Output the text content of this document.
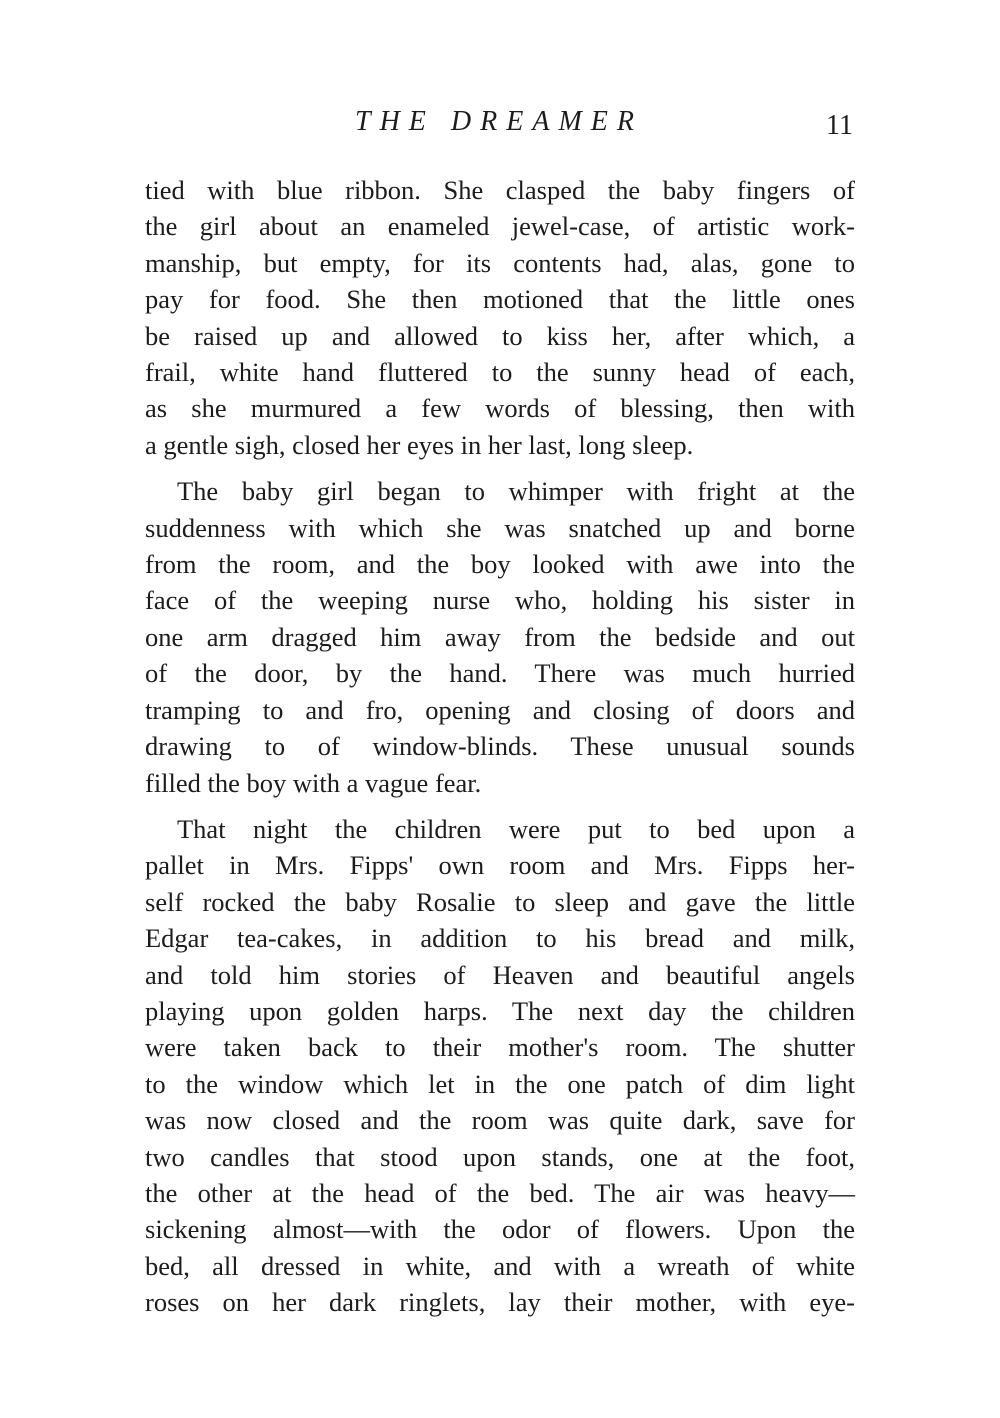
THE DREAMER	11
tied with blue ribbon. She clasped the baby fingers of
the girl about an enameled jewel-case, of artistic work-
manship, but empty, for its contents had, alas, gone to
pay for food. She then motioned that the little ones
be raised up and allowed to kiss her, after which, a
frail, white hand fluttered to the sunny head of each,
as she murmured a few words of blessing, then with
a gentle sigh, closed her eyes in her last, long sleep.
The baby girl began to whimper with fright at the
suddenness with which she was snatched up and borne
from the room, and the boy looked with awe into the
face of the weeping nurse who, holding his sister in
one arm dragged him away from the bedside and out
of the door, by the hand. There was much hurried
tramping to and fro, opening and closing of doors and
drawing to of window-blinds. These unusual sounds
filled the boy with a vague fear.
That night the children were put to bed upon a
pallet in Mrs. Fipps' own room and Mrs. Fipps her-
self rocked the baby Rosalie to sleep and gave the little
Edgar tea-cakes, in addition to his bread and milk,
and told him stories of Heaven and beautiful angels
playing upon golden harps. The next day the children
were taken back to their mother's room. The shutter
to the window which let in the one patch of dim light
was now closed and the room was quite dark, save for
two candles that stood upon stands, one at the foot,
the other at the head of the bed. The air was heavy—
sickening almost—with the odor of flowers. Upon the
bed, all dressed in white, and with a wreath of white
roses on her dark ringlets, lay their mother, with eye-
